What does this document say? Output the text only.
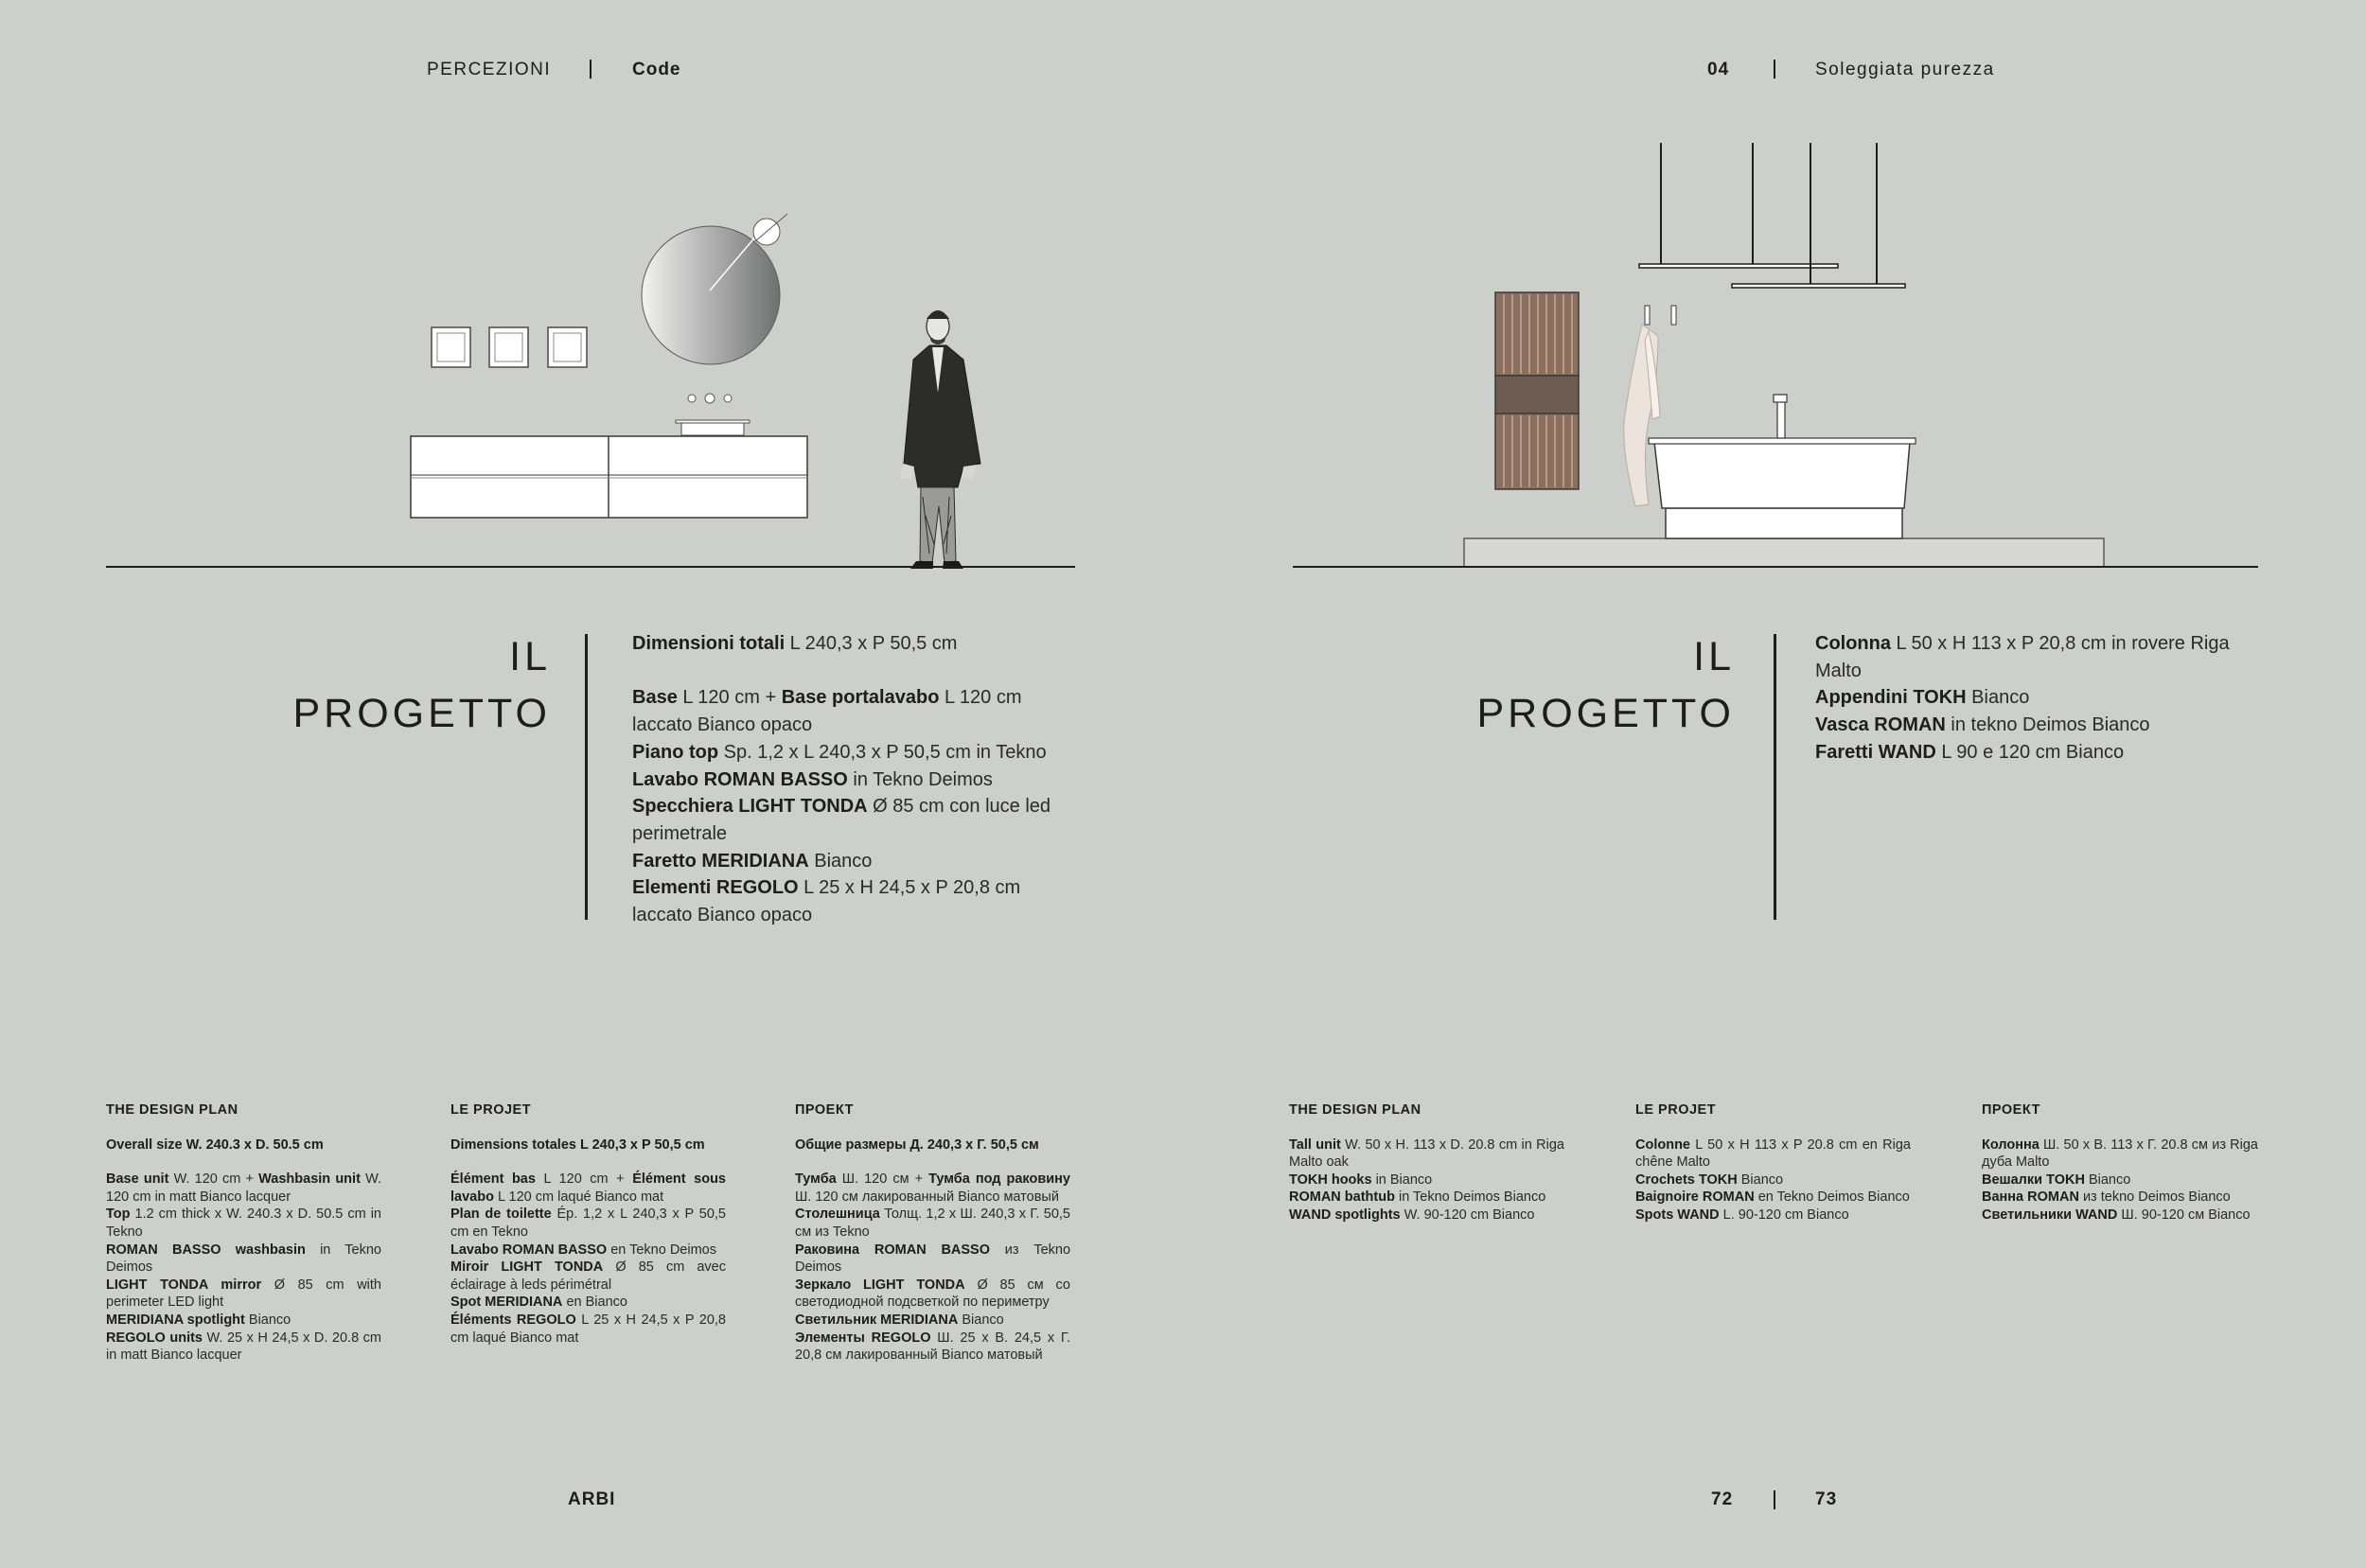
PERCEZIONI	Code	04	Soleggiata purezza
IL
PROGETTO
Dimensioni totali L 240,3 x P 50,5 cm
Base L 120 cm + Base portalavabo L 120 cm laccato Bianco opaco
Piano top Sp. 1,2 x L 240,3 x P 50,5 cm in Tekno
Lavabo ROMAN BASSO in Tekno Deimos
Specchiera LIGHT TONDA Ø 85 cm con luce led perimetrale
Faretto MERIDIANA Bianco
Elementi REGOLO L 25 x H 24,5 x P 20,8 cm laccato Bianco opaco
IL
PROGETTO
Colonna L 50 x H 113 x P 20,8 cm in rovere Riga Malto
Appendini TOKH Bianco
Vasca ROMAN in tekno Deimos Bianco
Faretti WAND L 90 e 120 cm Bianco
THE DESIGN PLAN
Overall size W. 240.3 x D. 50.5 cm
Base unit W. 120 cm + Washbasin unit W. 120 cm in matt Bianco lacquer
Top 1.2 cm thick x W. 240.3 x D. 50.5 cm in Tekno
ROMAN BASSO washbasin in Tekno Deimos
LIGHT TONDA mirror Ø 85 cm with perimeter LED light
MERIDIANA spotlight Bianco
REGOLO units W. 25 x H 24,5 x D. 20.8 cm in matt Bianco lacquer
LE PROJET
Dimensions totales L 240,3 x P 50,5 cm
Élément bas L 120 cm + Élément sous lavabo L 120 cm laqué Bianco mat
Plan de toilette Ép. 1,2 x L 240,3 x P 50,5 cm en Tekno
Lavabo ROMAN BASSO en Tekno Deimos
Miroir LIGHT TONDA Ø 85 cm avec éclairage à leds périmétral
Spot MERIDIANA en Bianco
Éléments REGOLO L 25 x H 24,5 x P 20,8 cm laqué Bianco mat
ПРОЕКТ
Общие размеры Д. 240,3 х Г. 50,5 см
Тумба Ш. 120 см + Тумба под раковину Ш. 120 см лакированный Bianco матовый
Столешница Толщ. 1,2 х Ш. 240,3 х Г. 50,5 см из Tekno
Раковина ROMAN BASSO из Tekno Deimos
Зеркало LIGHT TONDA Ø 85 см со светодиодной подсветкой по периметру
Светильник MERIDIANA Bianco
Элементы REGOLO Ш. 25 х В. 24,5 х Г. 20,8 см лакированный Bianco матовый
THE DESIGN PLAN
Tall unit W. 50 x H. 113 x D. 20.8 cm in Riga Malto oak
TOKH hooks in Bianco
ROMAN bathtub in Tekno Deimos Bianco
WAND spotlights W. 90-120 cm Bianco
LE PROJET
Colonne L 50 x H 113 x P 20.8 cm en Riga chêne Malto
Crochets TOKH Bianco
Baignoire ROMAN en Tekno Deimos Bianco
Spots WAND L. 90-120 cm Bianco
ПРОЕКТ
Колонна Ш. 50 х В. 113 х Г. 20.8 см из Riga дуба Malto
Вешалки TOKH Bianco
Ванна ROMAN из tekno Deimos Bianco
Светильники WAND Ш. 90-120 см Bianco
ARBI	72	73
